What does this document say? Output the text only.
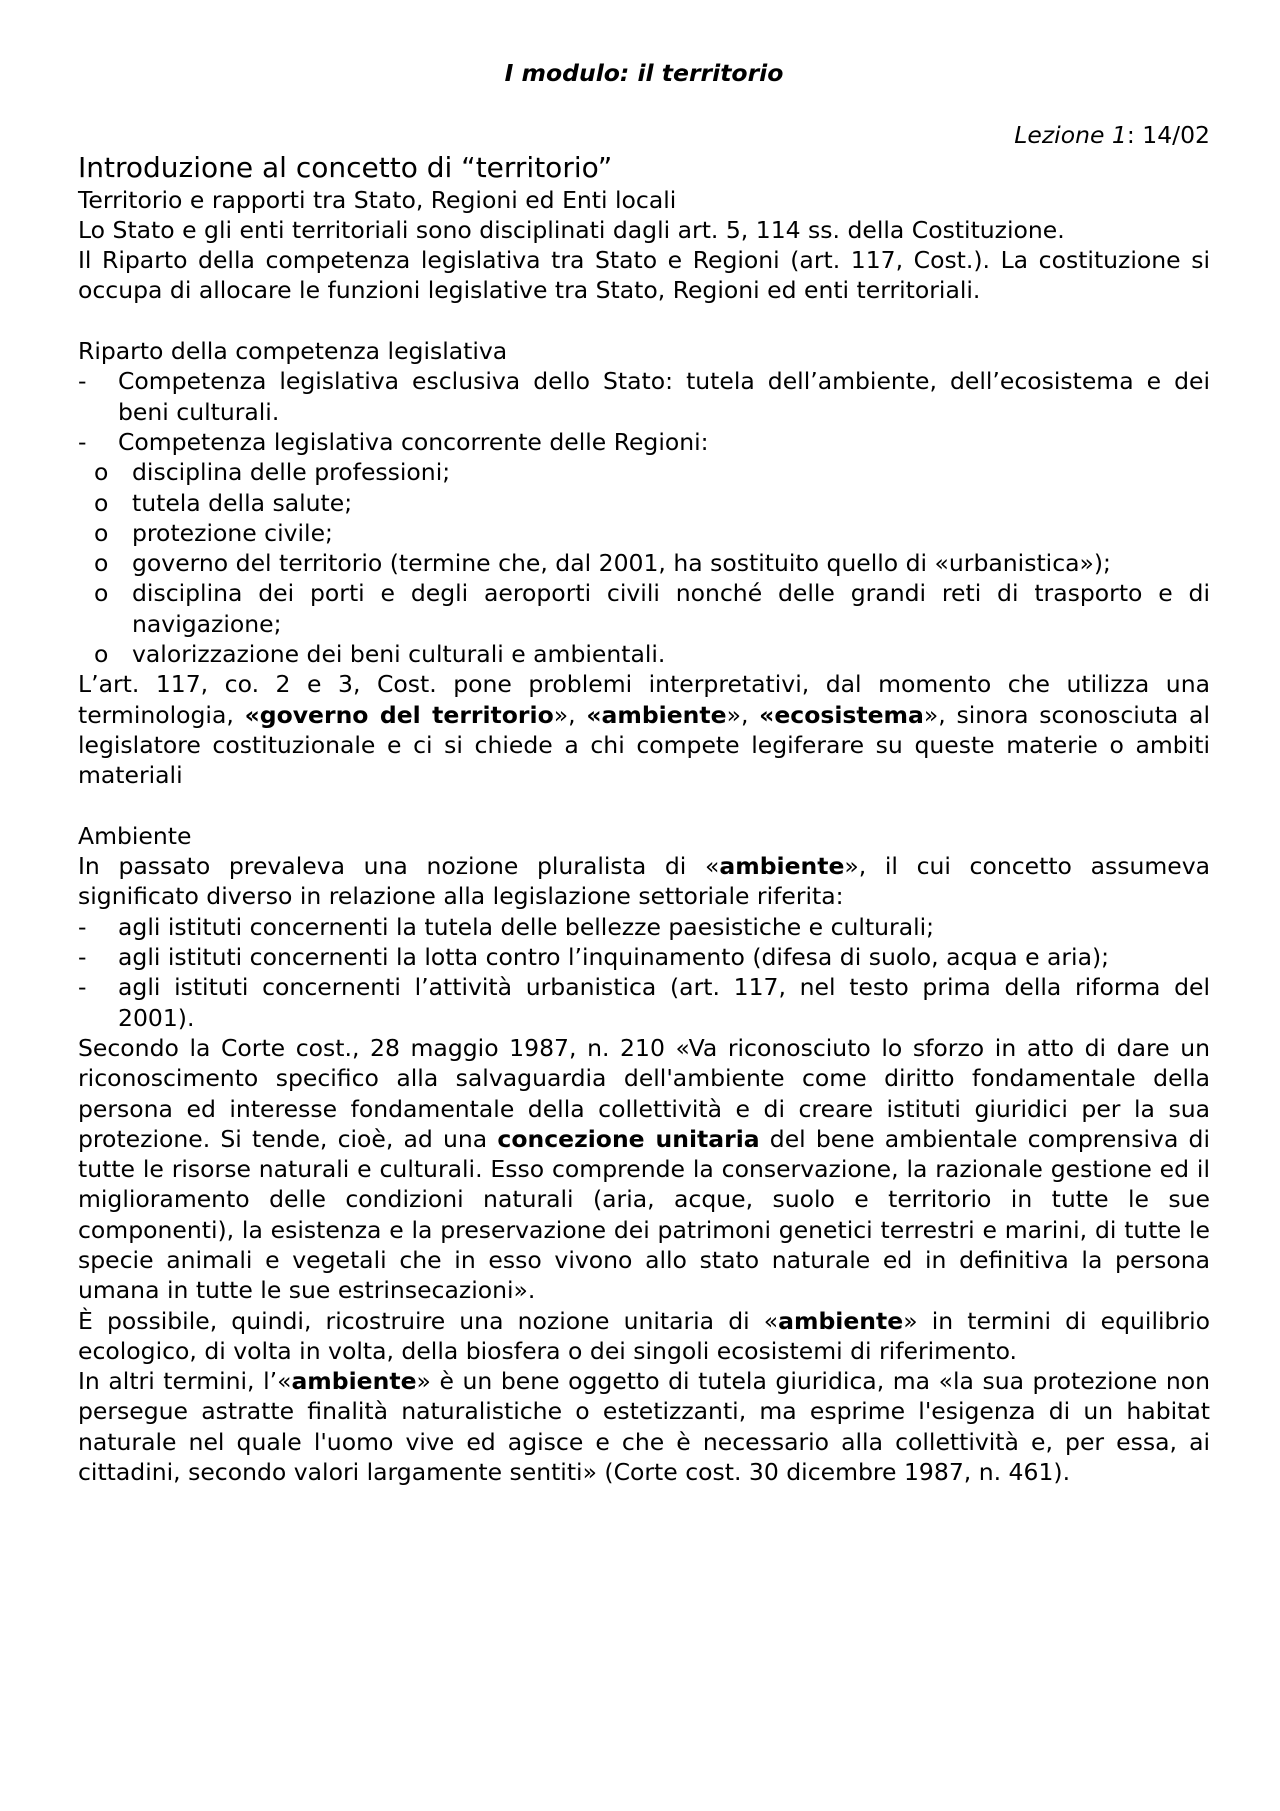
I modulo: il territorio

Lezione 1: 14/02

Introduzione al concetto di “territorio”

Territorio e rapporti tra Stato, Regioni ed Enti locali

Lo Stato e gli enti territoriali sono disciplinati dagli art. 5, 114 ss. della Costituzione.

Il Riparto della competenza legislativa tra Stato e Regioni (art. 117, Cost.). La costituzione si occupa di allocare le funzioni legislative tra Stato, Regioni ed enti territoriali.

Riparto della competenza legislativa

- Competenza legislativa esclusiva dello Stato: tutela dell’ambiente, dell’ecosistema e dei beni culturali.
- Competenza legislativa concorrente delle Regioni:
o disciplina delle professioni;
o tutela della salute;
o protezione civile;
o governo del territorio (termine che, dal 2001, ha sostituito quello di «urbanistica»);
o disciplina dei porti e degli aeroporti civili nonché delle grandi reti di trasporto e di navigazione;
o valorizzazione dei beni culturali e ambientali.

L’art. 117, co. 2 e 3, Cost. pone problemi interpretativi, dal momento che utilizza una terminologia, «governo del territorio», «ambiente», «ecosistema», sinora sconosciuta al legislatore costituzionale e ci si chiede a chi compete legiferare su queste materie o ambiti materiali

Ambiente

In passato prevaleva una nozione pluralista di «ambiente», il cui concetto assumeva significato diverso in relazione alla legislazione settoriale riferita:

- agli istituti concernenti la tutela delle bellezze paesistiche e culturali;
- agli istituti concernenti la lotta contro l’inquinamento (difesa di suolo, acqua e aria);
- agli istituti concernenti l’attività urbanistica (art. 117, nel testo prima della riforma del 2001).

Secondo la Corte cost., 28 maggio 1987, n. 210 «Va riconosciuto lo sforzo in atto di dare un riconoscimento specifico alla salvaguardia dell'ambiente come diritto fondamentale della persona ed interesse fondamentale della collettività e di creare istituti giuridici per la sua protezione. Si tende, cioè, ad una concezione unitaria del bene ambientale comprensiva di tutte le risorse naturali e culturali. Esso comprende la conservazione, la razionale gestione ed il miglioramento delle condizioni naturali (aria, acque, suolo e territorio in tutte le sue componenti), la esistenza e la preservazione dei patrimoni genetici terrestri e marini, di tutte le specie animali e vegetali che in esso vivono allo stato naturale ed in definitiva la persona umana in tutte le sue estrinsecazioni».

È possibile, quindi, ricostruire una nozione unitaria di «ambiente» in termini di equilibrio ecologico, di volta in volta, della biosfera o dei singoli ecosistemi di riferimento.

In altri termini, l’«ambiente» è un bene oggetto di tutela giuridica, ma «la sua protezione non persegue astratte finalità naturalistiche o estetizzanti, ma esprime l'esigenza di un habitat naturale nel quale l'uomo vive ed agisce e che è necessario alla collettività e, per essa, ai cittadini, secondo valori largamente sentiti» (Corte cost. 30 dicembre 1987, n. 461).
